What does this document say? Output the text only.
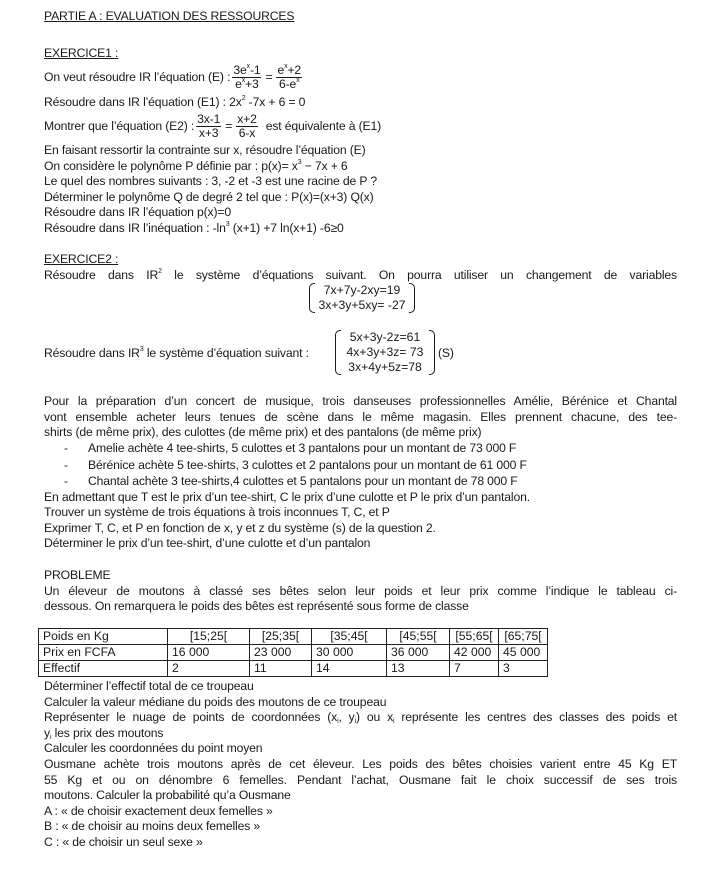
PARTIE A : EVALUATION DES RESSOURCES
EXERCICE1 :
On veut résoudre IR l’équation (E) : $\frac{3e^x-1}{e^x+3} = \frac{e^x+2}{6-e^x}$
Résoudre dans IR l’équation (E1) : $2x^2$ -7x + 6 = 0
Montrer que l’équation (E2) : $\frac{3x-1}{x+3} = \frac{x+2}{6-x}$ est équivalente à (E1)
En faisant ressortir la contrainte sur x, résoudre l’équation (E)
On considère le polynôme P définie par : $p(x)= x^3 - 7x + 6$
Le quel des nombres suivants : 3, -2 et -3 est une racine de P ?
Déterminer le polynôme Q de degré 2 tel que : P(x)=(x+3) Q(x)
Résoudre dans IR l’équation p(x)=0
Résoudre dans IR l’inéquation : $-\ln^3$ (x+1) +7 ln(x+1) -6≥0
EXERCICE2 :
Résoudre dans $IR^2$ le système d’équations suivant. On pourra utiliser un changement de variables
7x+7y-2xy=19
3x+3y+5xy= -27
Résoudre dans $IR^3$ le système d’équation suivant :
5x+3y-2z=61
4x+3y+3z= 73
3x+4y+5z=78
(S)
Pour la préparation d’un concert de musique, trois danseuses professionnelles Amélie, Bérénice et Chantal
vont ensemble acheter leurs tenues de scène dans le même magasin. Elles prennent chacune, des tee-
shirts (de même prix), des culottes (de même prix) et des pantalons (de même prix)
- Amelie achète 4 tee-shirts, 5 culottes et 3 pantalons pour un montant de 73 000 F
- Bérénice achète 5 tee-shirts, 3 culottes et 2 pantalons pour un montant de 61 000 F
- Chantal achète 3 tee-shirts,4 culottes et 5 pantalons pour un montant de 78 000 F
En admettant que T est le prix d’un tee-shirt, C le prix d’une culotte et P le prix d’un pantalon.
Trouver un système de trois équations à trois inconnues T, C, et P
Exprimer T, C, et P en fonction de x, y et z du système (s) de la question 2.
Déterminer le prix d’un tee-shirt, d’une culotte et d’un pantalon
PROBLEME
Un éleveur de moutons à classé ses bêtes selon leur poids et leur prix comme l’indique le tableau ci-
dessous. On remarquera le poids des bêtes est représenté sous forme de classe
Poids en Kg	[15;25[	[25;35[	[35;45[	[45;55[	[55;65[	[65;75[
Prix en FCFA	16 000	23 000	30 000	36 000	42 000	45 000
Effectif	2	11	14	13	7	3
Déterminer l’effectif total de ce troupeau
Calculer la valeur médiane du poids des moutons de ce troupeau
Représenter le nuage de points de coordonnées ($x_i$, $y_i$) ou $x_i$ représente les centres des classes des poids et
$y_i$ les prix des moutons
Calculer les coordonnées du point moyen
Ousmane achète trois moutons après de cet éleveur. Les poids des bêtes choisies varient entre 45 Kg ET
55 Kg et ou on dénombre 6 femelles. Pendant l’achat, Ousmane fait le choix successif de ses trois
moutons. Calculer la probabilité qu’a Ousmane
A : « de choisir exactement deux femelles »
B : « de choisir au moins deux femelles »
C : « de choisir un seul sexe »
